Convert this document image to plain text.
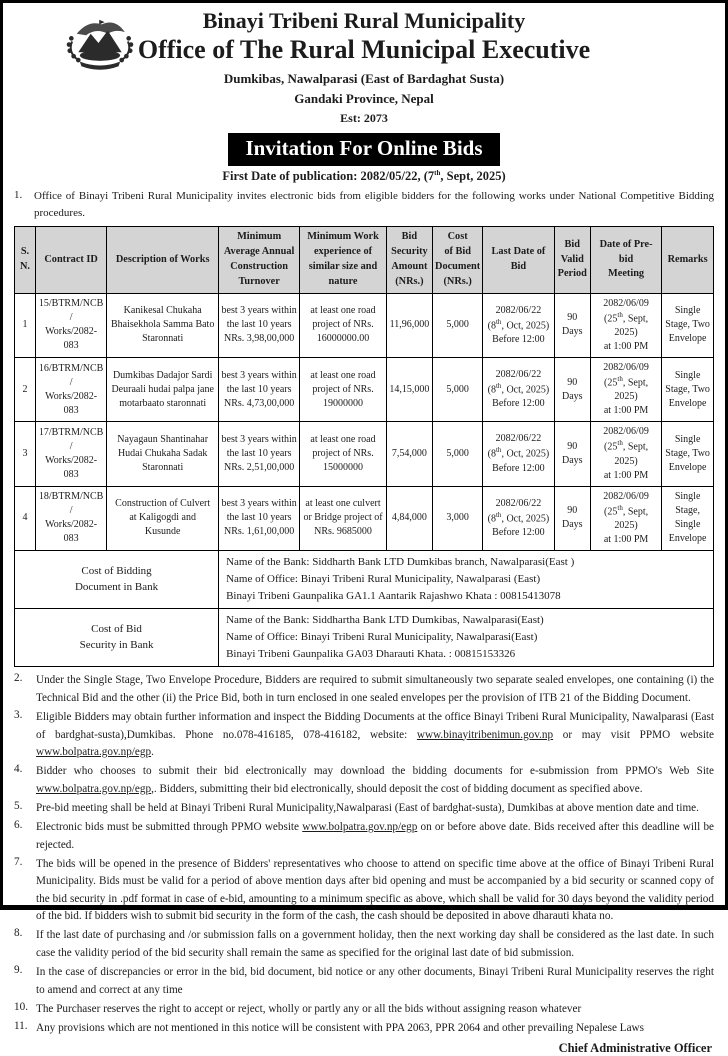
Binayi Tribeni Rural Municipality
Office of The Rural Municipal Executive
Dumkibas, Nawalparasi (East of Bardaghat Susta)
Gandaki Province, Nepal
Est: 2073
Invitation For Online Bids
First Date of publication: 2082/05/22, (7th, Sept, 2025)
1.	Office of Binayi Tribeni Rural Municipality invites electronic bids from eligible bidders for the following works under National Competitive Bidding procedures.
S.
N.	Contract ID	Description of Works	Minimum
Average Annual
Construction
Turnover	Minimum Work
experience of
similar size and
nature	Bid
Security
Amount
(NRs.)	Cost
of Bid
Document
(NRs.)	Last Date of
Bid	Bid
Valid
Period	Date of Pre-bid
Meeting	Remarks
1	15/BTRM/NCB/
Works/2082-083	Kanikesal Chukaha
Bhaisekhola Samma Bato
Staronnati	best 3 years within
the last 10 years
NRs. 3,98,00,000	at least one road
project of NRs.
16000000.00	11,96,000	5,000	2082/06/22
(8th, Oct, 2025)
Before 12:00	90
Days	2082/06/09
(25th, Sept, 2025)
at 1:00 PM	Single
Stage, Two
Envelope
2	16/BTRM/NCB/
Works/2082-083	Dumkibas Dadajor Sardi
Deuraali hudai palpa jane
motarbaato staronnati	best 3 years within
the last 10 years
NRs. 4,73,00,000	at least one road
project of NRs.
19000000	14,15,000	5,000	2082/06/22
(8th, Oct, 2025)
Before 12:00	90
Days	2082/06/09
(25th, Sept, 2025)
at 1:00 PM	Single
Stage, Two
Envelope
3	17/BTRM/NCB/
Works/2082-083	Nayagaun Shantinahar
Hudai Chukaha Sadak
Staronnati	best 3 years within
the last 10 years
NRs. 2,51,00,000	at least one road
project of NRs.
15000000	7,54,000	5,000	2082/06/22
(8th, Oct, 2025)
Before 12:00	90
Days	2082/06/09
(25th, Sept, 2025)
at 1:00 PM	Single
Stage, Two
Envelope
4	18/BTRM/NCB/
Works/2082-083	Construction of Culvert
at Kaligogdi and
Kusunde	best 3 years within
the last 10 years
NRs. 1,61,00,000	at least one culvert
or Bridge project of
NRs. 9685000	4,84,000	3,000	2082/06/22
(8th, Oct, 2025)
Before 12:00	90
Days	2082/06/09
(25th, Sept, 2025)
at 1:00 PM	Single Stage,
Single
Envelope
Cost of Bidding
Document in Bank			Name of the Bank: Siddharth Bank LTD Dumkibas branch, Nawalparasi(East )
Name of Office: Binayi Tribeni Rural Municipality, Nawalparasi (East)
Binayi Tribeni Gaunpalika GA1.1 Aantarik Rajashwo Khata : 00815413078							
Cost of Bid
Security in Bank			Name of the Bank: Siddhartha Bank LTD Dumkibas, Nawalparasi(East)
Name of Office: Binayi Tribeni Rural Municipality, Nawalparasi(East)
Binayi Tribeni Gaunpalika GA03 Dharauti Khata. : 00815153326							
2.	Under the Single Stage, Two Envelope Procedure, Bidders are required to submit simultaneously two separate sealed envelopes, one containing (i) the Technical Bid and the other (ii) the Price Bid, both in turn enclosed in one sealed envelopes per the provision of ITB 21 of the Bidding Document.
3.	Eligible Bidders may obtain further information and inspect the Bidding Documents at the office Binayi Tribeni Rural Municipality, Nawalparasi (East of bardghat-susta),Dumkibas. Phone no.078-416185, 078-416182, website: www.binayitribenimun.gov.np or may visit PPMO website www.bolpatra.gov.np/egp.
4.	Bidder who chooses to submit their bid electronically may download the bidding documents for e-submission from PPMO's Web Site www.bolpatra.gov.np/egp,. Bidders, submitting their bid electronically, should deposit the cost of bidding document as specified above.
5.	Pre-bid meeting shall be held at Binayi Tribeni Rural Municipality,Nawalparasi (East of bardghat-susta), Dumkibas at above mention date and time.
6.	Electronic bids must be submitted through PPMO website www.bolpatra.gov.np/egp on or before above date. Bids received after this deadline will be rejected.
7.	The bids will be opened in the presence of Bidders' representatives who choose to attend on specific time above at the office of Binayi Tribeni Rural Municipality. Bids must be valid for a period of above mention days after bid opening and must be accompanied by a bid security or scanned copy of the bid security in .pdf format in case of e-bid, amounting to a minimum specific as above, which shall be valid for 30 days beyond the validity period of the bid. If bidders wish to submit bid security in the form of the cash, the cash should be deposited in above dharauti khata no.
8.	If the last date of purchasing and /or submission falls on a government holiday, then the next working day shall be considered as the last date. In such case the validity period of the bid security shall remain the same as specified for the original last date of bid submission.
9.	In the case of discrepancies or error in the bid, bid document, bid notice or any other documents, Binayi Tribeni Rural Municipality reserves the right to amend and correct at any time
10. The Purchaser reserves the right to accept or reject, wholly or partly any or all the bids without assigning reason whatever
11. Any provisions which are not mentioned in this notice will be consistent with PPA 2063, PPR 2064 and other prevailing Nepalese Laws
Chief Administrative Officer
